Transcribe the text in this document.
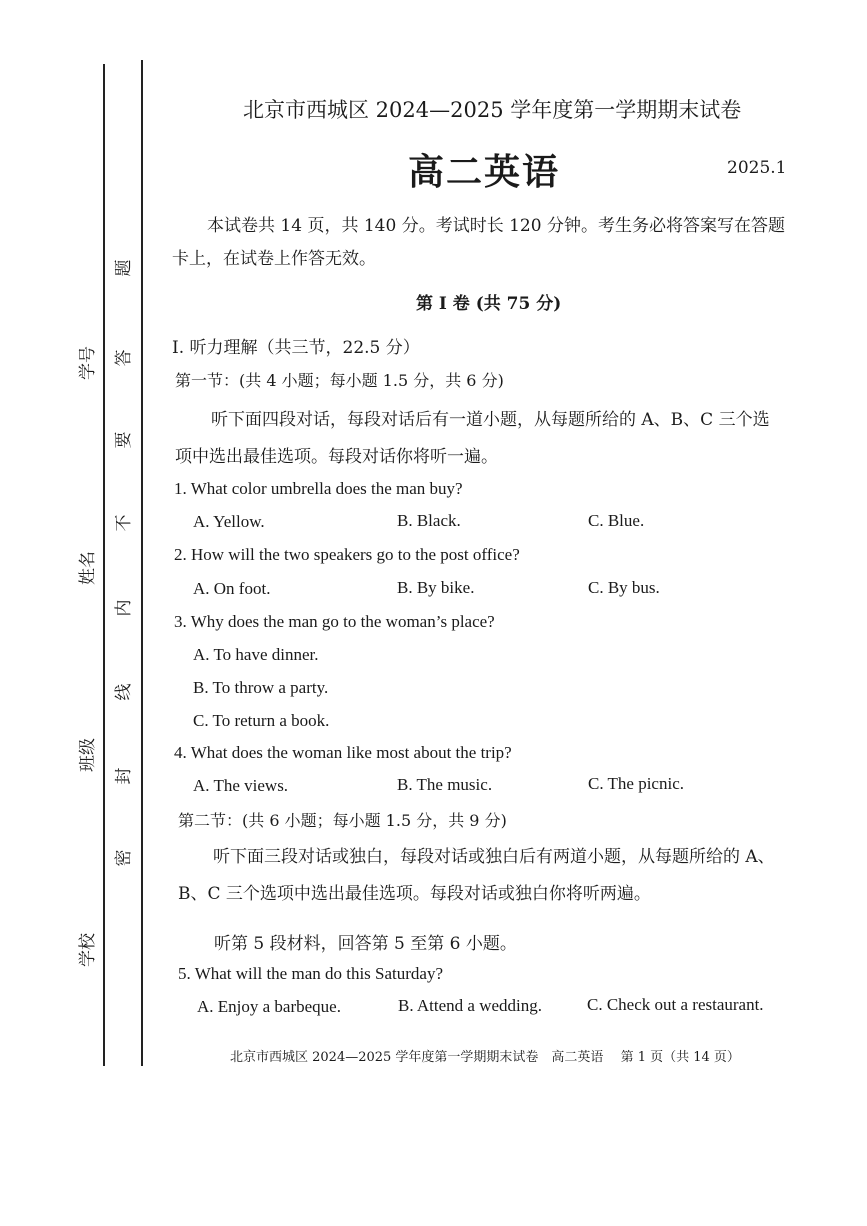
学号
姓名
班级
学校
题
答
要
不
内
线
封
密
北京市西城区 2024—2025 学年度第一学期期末试卷
高二英语	2025.1
本试卷共 14 页，共 140 分。考试时长 120 分钟。考生务必将答案写在答题
卡上，在试卷上作答无效。
第 I 卷 (共 75 分)
I. 听力理解（共三节，22.5 分）
第一节：(共 4 小题；每小题 1.5 分，共 6 分)
听下面四段对话，每段对话后有一道小题，从每题所给的 A、B、C 三个选
项中选出最佳选项。每段对话你将听一遍。
1. What color umbrella does the man buy?
A. Yellow.	B. Black.	C. Blue.
2. How will the two speakers go to the post office?
A. On foot.	B. By bike.	C. By bus.
3. Why does the man go to the woman’s place?
A. To have dinner.
B. To throw a party.
C. To return a book.
4. What does the woman like most about the trip?
A. The views.	B. The music.	C. The picnic.
第二节：(共 6 小题；每小题 1.5 分，共 9 分)
听下面三段对话或独白，每段对话或独白后有两道小题，从每题所给的 A、
B、C 三个选项中选出最佳选项。每段对话或独白你将听两遍。
听第 5 段材料，回答第 5 至第 6 小题。
5. What will the man do this Saturday?
A. Enjoy a barbeque.	B. Attend a wedding.	C. Check out a restaurant.
北京市西城区 2024—2025 学年度第一学期期末试卷　高二英语　 第 1 页（共 14 页）
